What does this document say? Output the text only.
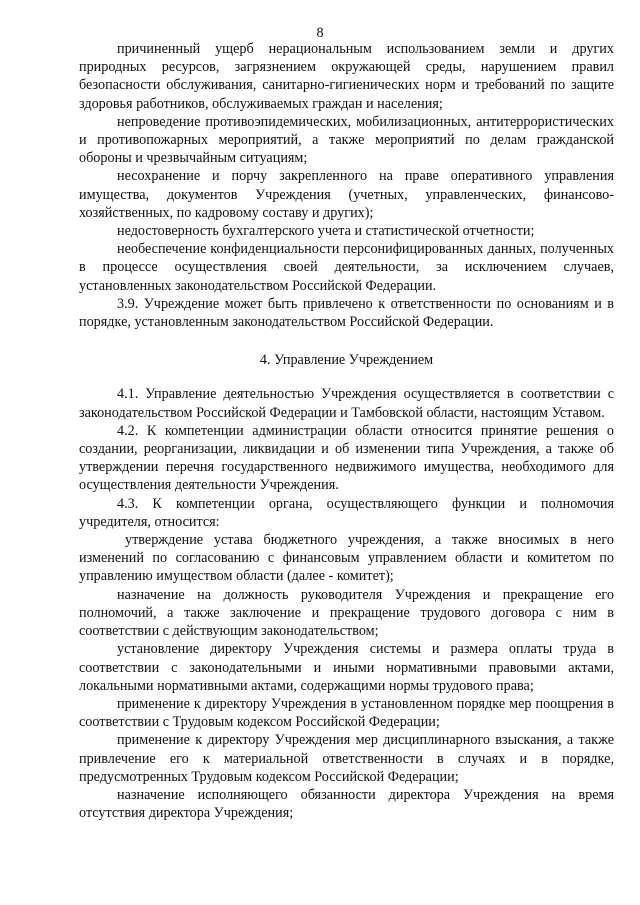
8

причиненный ущерб нерациональным использованием земли и других природных ресурсов, загрязнением окружающей среды, нарушением правил безопасности обслуживания, санитарно-гигиенических норм и требований по защите здоровья работников, обслуживаемых граждан и населения;

непроведение противоэпидемических, мобилизационных, антитеррористических и противопожарных мероприятий, а также мероприятий по делам гражданской обороны и чрезвычайным ситуациям;

несохранение и порчу закрепленного на праве оперативного управления имущества, документов Учреждения (учетных, управленческих, финансово-хозяйственных, по кадровому составу и других);

недостоверность бухгалтерского учета и статистической отчетности;

необеспечение конфиденциальности персонифицированных данных, полученных в процессе осуществления своей деятельности, за исключением случаев, установленных законодательством Российской Федерации.

3.9. Учреждение может быть привлечено к ответственности по основаниям и в порядке, установленным законодательством Российской Федерации.

4. Управление Учреждением

4.1. Управление деятельностью Учреждения осуществляется в соответствии с законодательством Российской Федерации и Тамбовской области, настоящим Уставом.

4.2. К компетенции администрации области относится принятие решения о создании, реорганизации, ликвидации и об изменении типа Учреждения, а также об утверждении перечня государственного недвижимого имущества, необходимого для осуществления деятельности Учреждения.

4.3. К компетенции органа, осуществляющего функции и полномочия учредителя, относится:

утверждение устава бюджетного учреждения, а также вносимых в него изменений по согласованию с финансовым управлением области и комитетом по управлению имуществом области (далее - комитет);

назначение на должность руководителя Учреждения и прекращение его полномочий, а также заключение и прекращение трудового договора с ним в соответствии с действующим законодательством;

установление директору Учреждения системы и размера оплаты труда в соответствии с законодательными и иными нормативными правовыми актами, локальными нормативными актами, содержащими нормы трудового права;

применение к директору Учреждения в установленном порядке мер поощрения в соответствии с Трудовым кодексом Российской Федерации;

применение к директору Учреждения мер дисциплинарного взыскания, а также привлечение его к материальной ответственности в случаях и в порядке, предусмотренных Трудовым кодексом Российской Федерации;

назначение исполняющего обязанности директора Учреждения на время отсутствия директора Учреждения;
